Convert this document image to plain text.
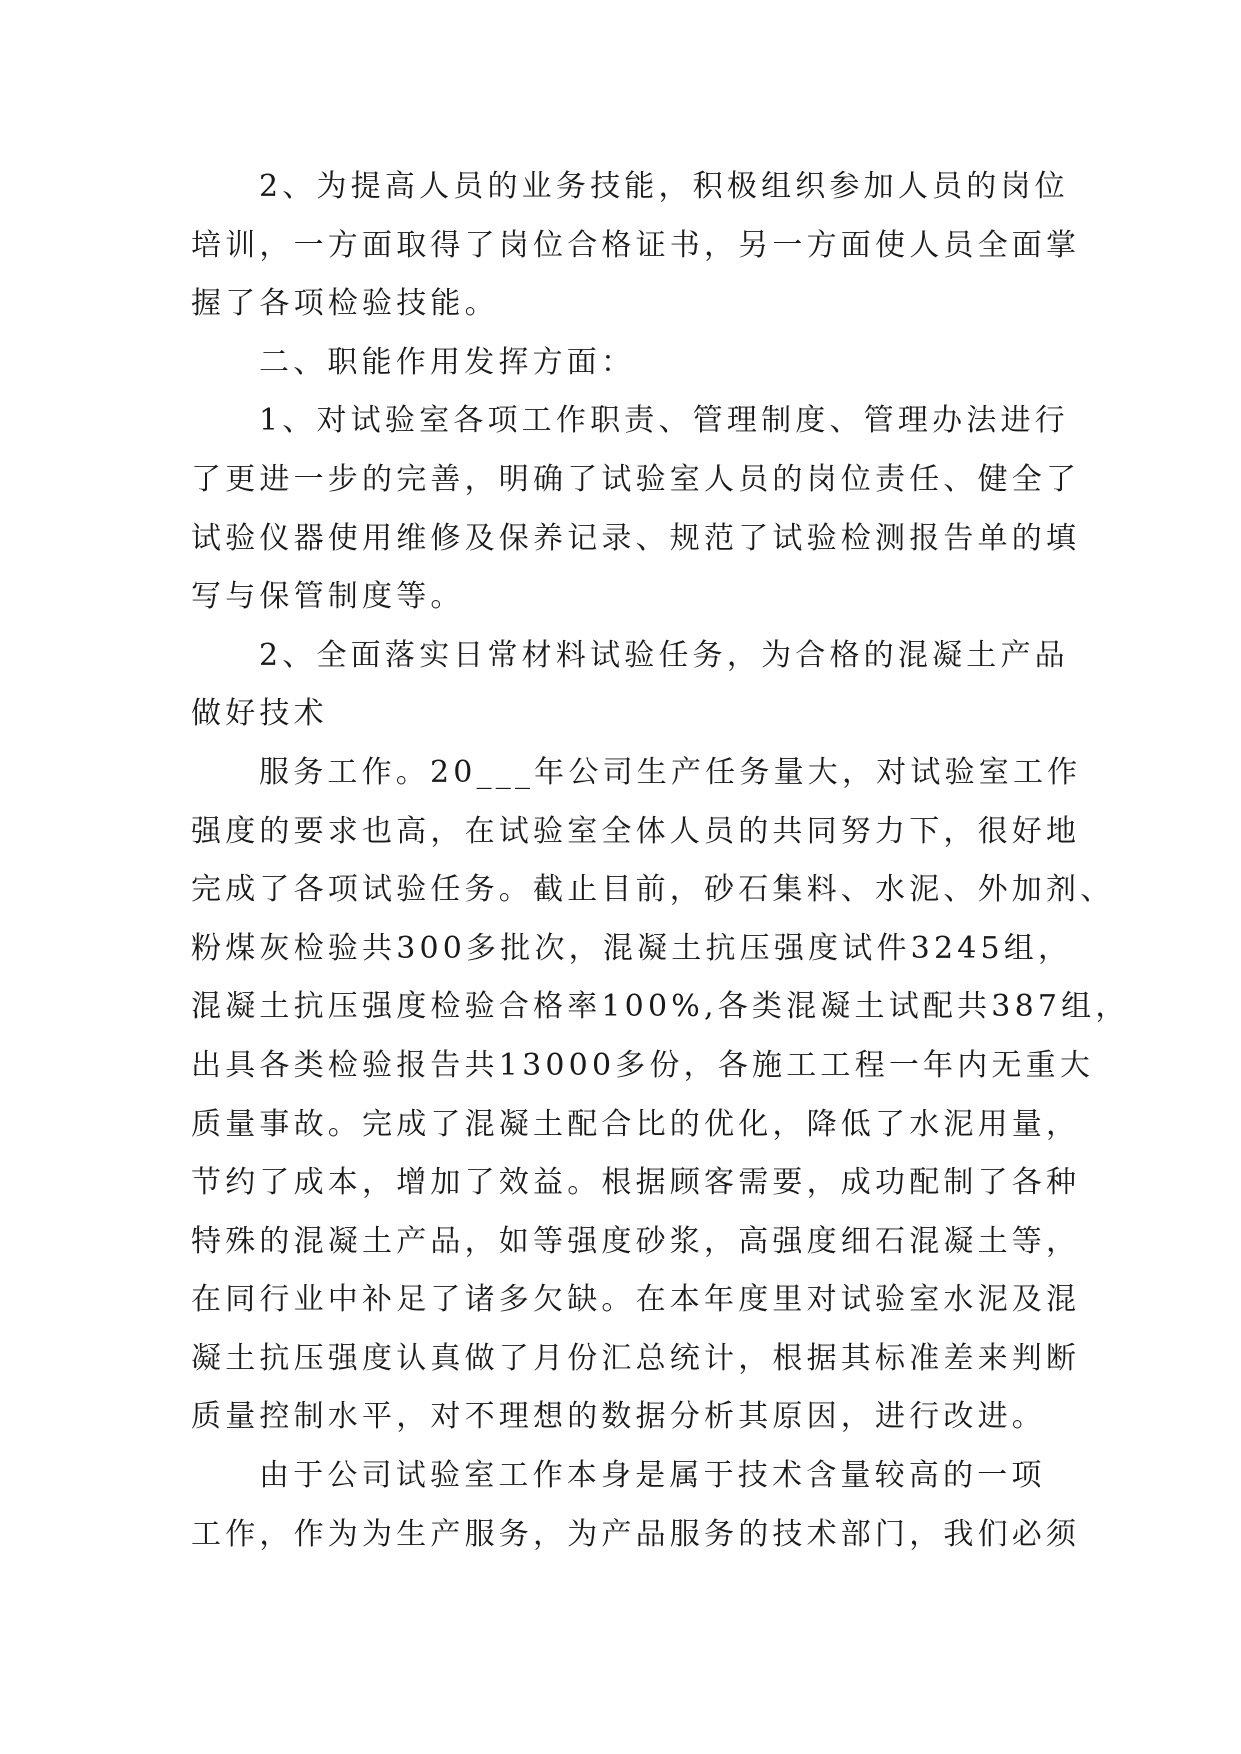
2、为提高人员的业务技能，积极组织参加人员的岗位
培训，一方面取得了岗位合格证书，另一方面使人员全面掌
握了各项检验技能。
二、职能作用发挥方面：
1、对试验室各项工作职责、管理制度、管理办法进行
了更进一步的完善，明确了试验室人员的岗位责任、健全了
试验仪器使用维修及保养记录、规范了试验检测报告单的填
写与保管制度等。
2、全面落实日常材料试验任务，为合格的混凝土产品
做好技术
服务工作。20___年公司生产任务量大，对试验室工作
强度的要求也高，在试验室全体人员的共同努力下，很好地
完成了各项试验任务。截止目前，砂石集料、水泥、外加剂、
粉煤灰检验共300多批次，混凝土抗压强度试件3245组，
混凝土抗压强度检验合格率100%,各类混凝土试配共387组，
出具各类检验报告共13000多份，各施工工程一年内无重大
质量事故。完成了混凝土配合比的优化，降低了水泥用量，
节约了成本，增加了效益。根据顾客需要，成功配制了各种
特殊的混凝土产品，如等强度砂浆，高强度细石混凝土等，
在同行业中补足了诸多欠缺。在本年度里对试验室水泥及混
凝土抗压强度认真做了月份汇总统计，根据其标准差来判断
质量控制水平，对不理想的数据分析其原因，进行改进。
由于公司试验室工作本身是属于技术含量较高的一项
工作，作为为生产服务，为产品服务的技术部门，我们必须
